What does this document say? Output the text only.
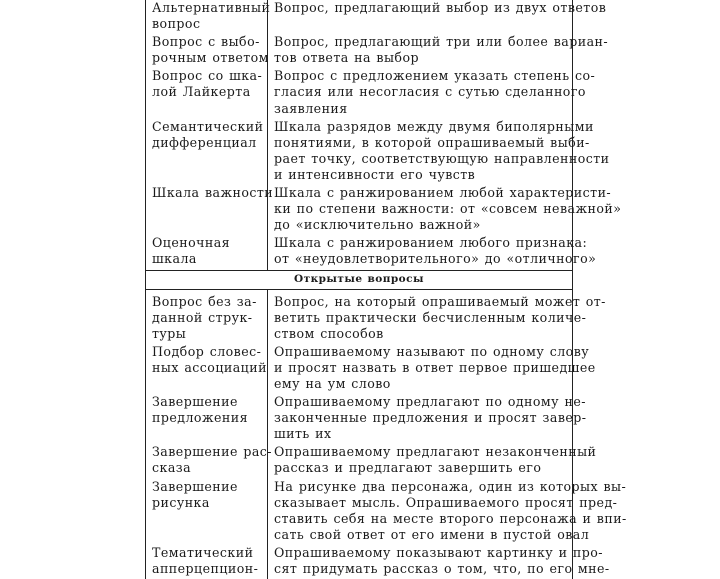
Альтернативный
вопрос	Вопрос, предлагающий выбор из двух ответов

Вопрос с выбо-
рочным ответом	Вопрос, предлагающий три или более вариан-
тов ответа на выбор

Вопрос со шка-
лой Лайкерта	Вопрос с предложением указать степень со-
гласия или несогласия с сутью сделанного
заявления

Семантический
дифференциал	Шкала разрядов между двумя биполярными
понятиями, в которой опрашиваемый выби-
рает точку, соответствующую направленности
и интенсивности его чувств

Шкала важности	Шкала с ранжированием любой характеристи-
ки по степени важности: от «совсем неважной»
до «исключительно важной»

Оценочная
шкала	Шкала с ранжированием любого признака:
от «неудовлетворительного» до «отличного»

Открытые вопросы	

Вопрос без за-
данной струк-
туры	Вопрос, на который опрашиваемый может от-
ветить практически бесчисленным количе-
ством способов

Подбор словес-
ных ассоциаций	Опрашиваемому называют по одному слову
и просят назвать в ответ первое пришедшее
ему на ум слово

Завершение
предложения	Опрашиваемому предлагают по одному не-
законченные предложения и просят завер-
шить их

Завершение рас-
сказа	Опрашиваемому предлагают незаконченный
рассказ и предлагают завершить его

Завершение
рисунка	На рисунке два персонажа, один из которых вы-
сказывает мысль. Опрашиваемого просят пред-
ставить себя на месте второго персонажа и впи-
сать свой ответ от его имени в пустой овал

Тематический
апперцепцион-	Опрашиваемому показывают картинку и про-
сят придумать рассказ о том, что, по его мне-
